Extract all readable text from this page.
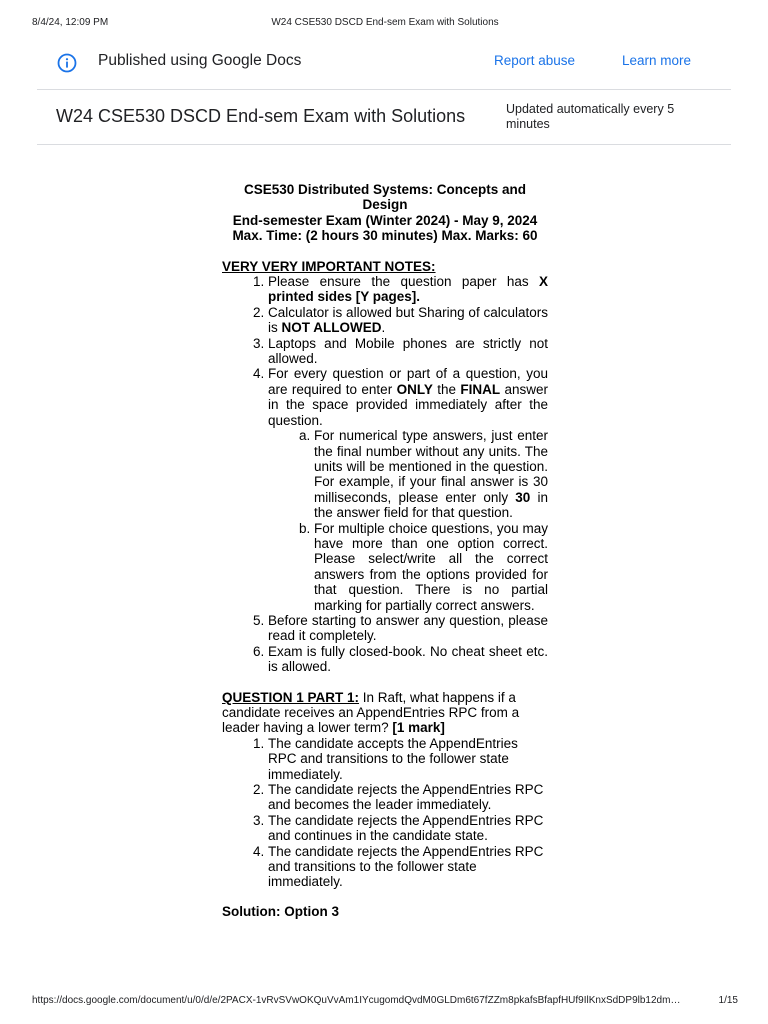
8/4/24, 12:09 PM	W24 CSE530 DSCD End-sem Exam with Solutions
Published using Google Docs	Report abuse	Learn more
W24 CSE530 DSCD End-sem Exam with Solutions	Updated automatically every 5 minutes
CSE530 Distributed Systems: Concepts and Design
End-semester Exam (Winter 2024) - May 9, 2024
Max. Time: (2 hours 30 minutes) Max. Marks: 60
VERY VERY IMPORTANT NOTES:
1. Please ensure the question paper has X printed sides [Y pages].
2. Calculator is allowed but Sharing of calculators is NOT ALLOWED.
3. Laptops and Mobile phones are strictly not allowed.
4. For every question or part of a question, you are required to enter ONLY the FINAL answer in the space provided immediately after the question.
a. For numerical type answers, just enter the final number without any units. The units will be mentioned in the question. For example, if your final answer is 30 milliseconds, please enter only 30 in the answer field for that question.
b. For multiple choice questions, you may have more than one option correct. Please select/write all the correct answers from the options provided for that question. There is no partial marking for partially correct answers.
5. Before starting to answer any question, please read it completely.
6. Exam is fully closed-book. No cheat sheet etc. is allowed.
QUESTION 1 PART 1: In Raft, what happens if a candidate receives an AppendEntries RPC from a leader having a lower term? [1 mark]
1. The candidate accepts the AppendEntries RPC and transitions to the follower state immediately.
2. The candidate rejects the AppendEntries RPC and becomes the leader immediately.
3. The candidate rejects the AppendEntries RPC and continues in the candidate state.
4. The candidate rejects the AppendEntries RPC and transitions to the follower state immediately.
Solution: Option 3
https://docs.google.com/document/u/0/d/e/2PACX-1vRvSVwOKQuVvAm1IYcugomdQvdM0GLDm6t67fZZm8pkafsBfapfHUf9IlKnxSdDP9lb12dm…	1/15
